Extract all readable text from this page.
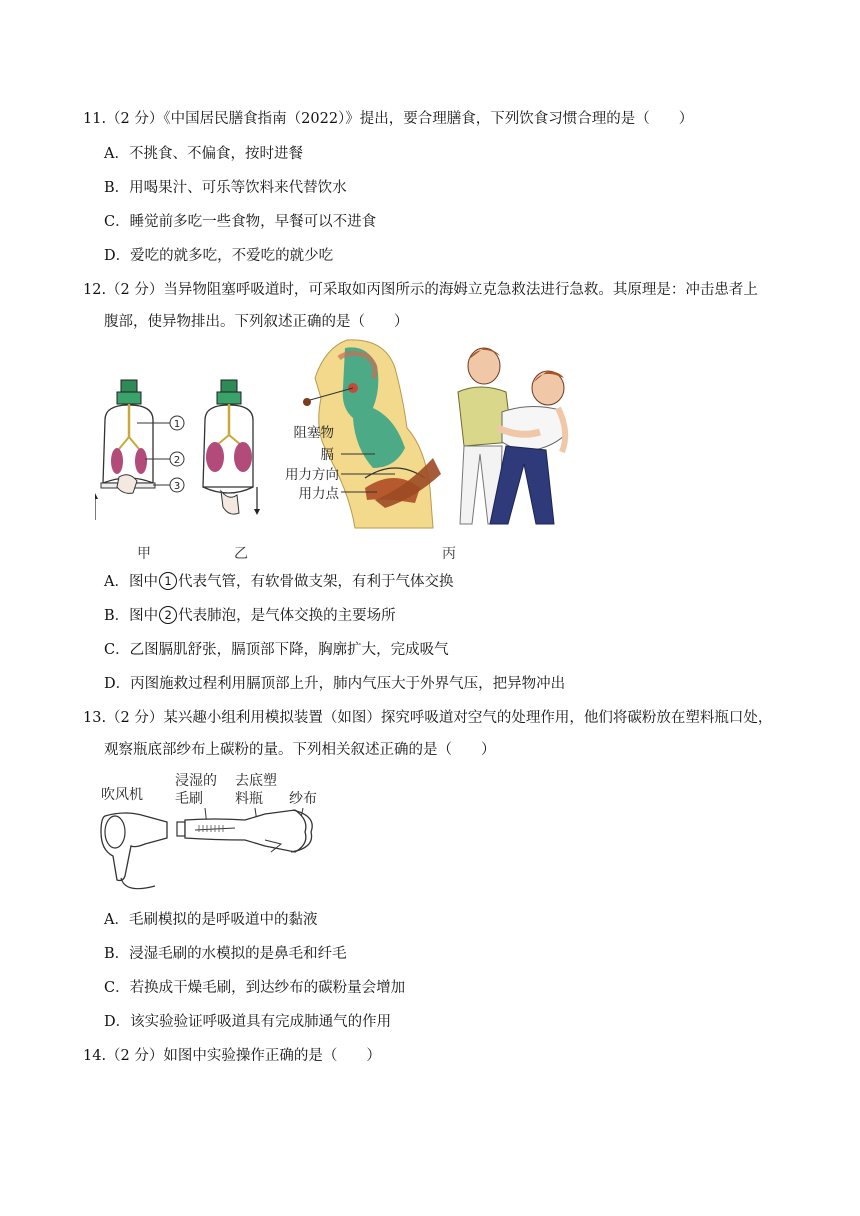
11.（2 分）《中国居民膳食指南（2022）》提出，要合理膳食，下列饮食习惯合理的是（　　）
A．不挑食、不偏食，按时进餐
B．用喝果汁、可乐等饮料来代替饮水
C．睡觉前多吃一些食物，早餐可以不进食
D．爱吃的就多吃，不爱吃的就少吃
12.（2 分）当异物阻塞呼吸道时，可采取如丙图所示的海姆立克急救法进行急救。其原理是：冲击患者上
腹部，使异物排出。下列叙述正确的是（　　）
1
2
3
阻塞物
膈
用力方向
用力点
甲	乙	丙
A．图中 1 代表气管，有软骨做支架，有利于气体交换
B．图中 2 代表肺泡，是气体交换的主要场所
C．乙图膈肌舒张，膈顶部下降，胸廓扩大，完成吸气
D．丙图施救过程利用膈顶部上升，肺内气压大于外界气压，把异物冲出
13.（2 分）某兴趣小组利用模拟装置（如图）探究呼吸道对空气的处理作用，他们将碳粉放在塑料瓶口处，
观察瓶底部纱布上碳粉的量。下列相关叙述正确的是（　　）
吹风机
浸湿的
毛刷
去底塑
料瓶 纱布
A．毛刷模拟的是呼吸道中的黏液
B．浸湿毛刷的水模拟的是鼻毛和纤毛
C．若换成干燥毛刷，到达纱布的碳粉量会增加
D．该实验验证呼吸道具有完成肺通气的作用
14.（2 分）如图中实验操作正确的是（　　）
